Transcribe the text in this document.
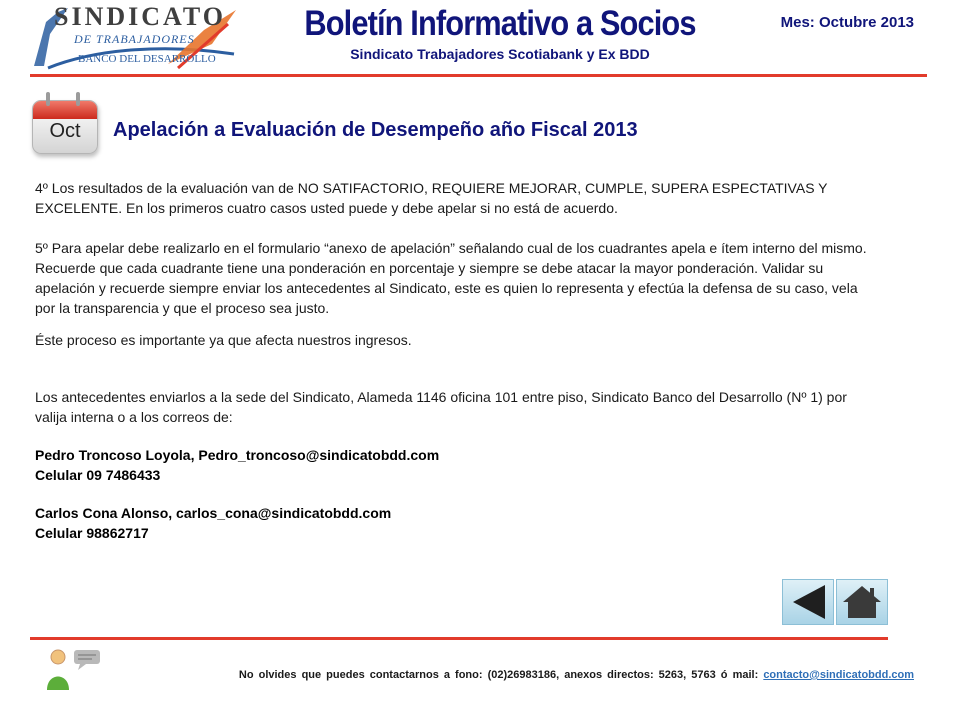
SINDICATO
DE TRABAJADORES
BANCO DEL DESARROLLO
Boletín Informativo a Socios
Sindicato Trabajadores Scotiabank y Ex BDD
Mes: Octubre 2013
Oct	Apelación a Evaluación de Desempeño año Fiscal 2013

4º Los resultados de la evaluación van de NO SATIFACTORIO, REQUIERE MEJORAR, CUMPLE, SUPERA ESPECTATIVAS Y EXCELENTE. En los primeros cuatro casos usted puede y debe apelar si no está de acuerdo.

5º Para apelar debe realizarlo en el formulario “anexo de apelación” señalando cual de los cuadrantes apela e ítem interno del mismo. Recuerde que cada cuadrante tiene una ponderación en porcentaje y siempre se debe atacar la mayor ponderación. Validar su apelación y recuerde siempre enviar los antecedentes al Sindicato, este es quien lo representa y efectúa la defensa de su caso, vela por la transparencia y que el proceso sea justo.

Éste proceso es importante ya que afecta nuestros ingresos.

Los antecedentes enviarlos a la sede del Sindicato, Alameda 1146 oficina 101 entre piso, Sindicato Banco del Desarrollo (Nº 1) por valija interna o a los correos de:

Pedro Troncoso Loyola, Pedro_troncoso@sindicatobdd.com
Celular 09 7486433
Carlos Cona Alonso, carlos_cona@sindicatobdd.com
Celular 98862717
No olvides que puedes contactarnos a fono: (02)26983186, anexos directos: 5263, 5763 ó mail: contacto@sindicatobdd.com
